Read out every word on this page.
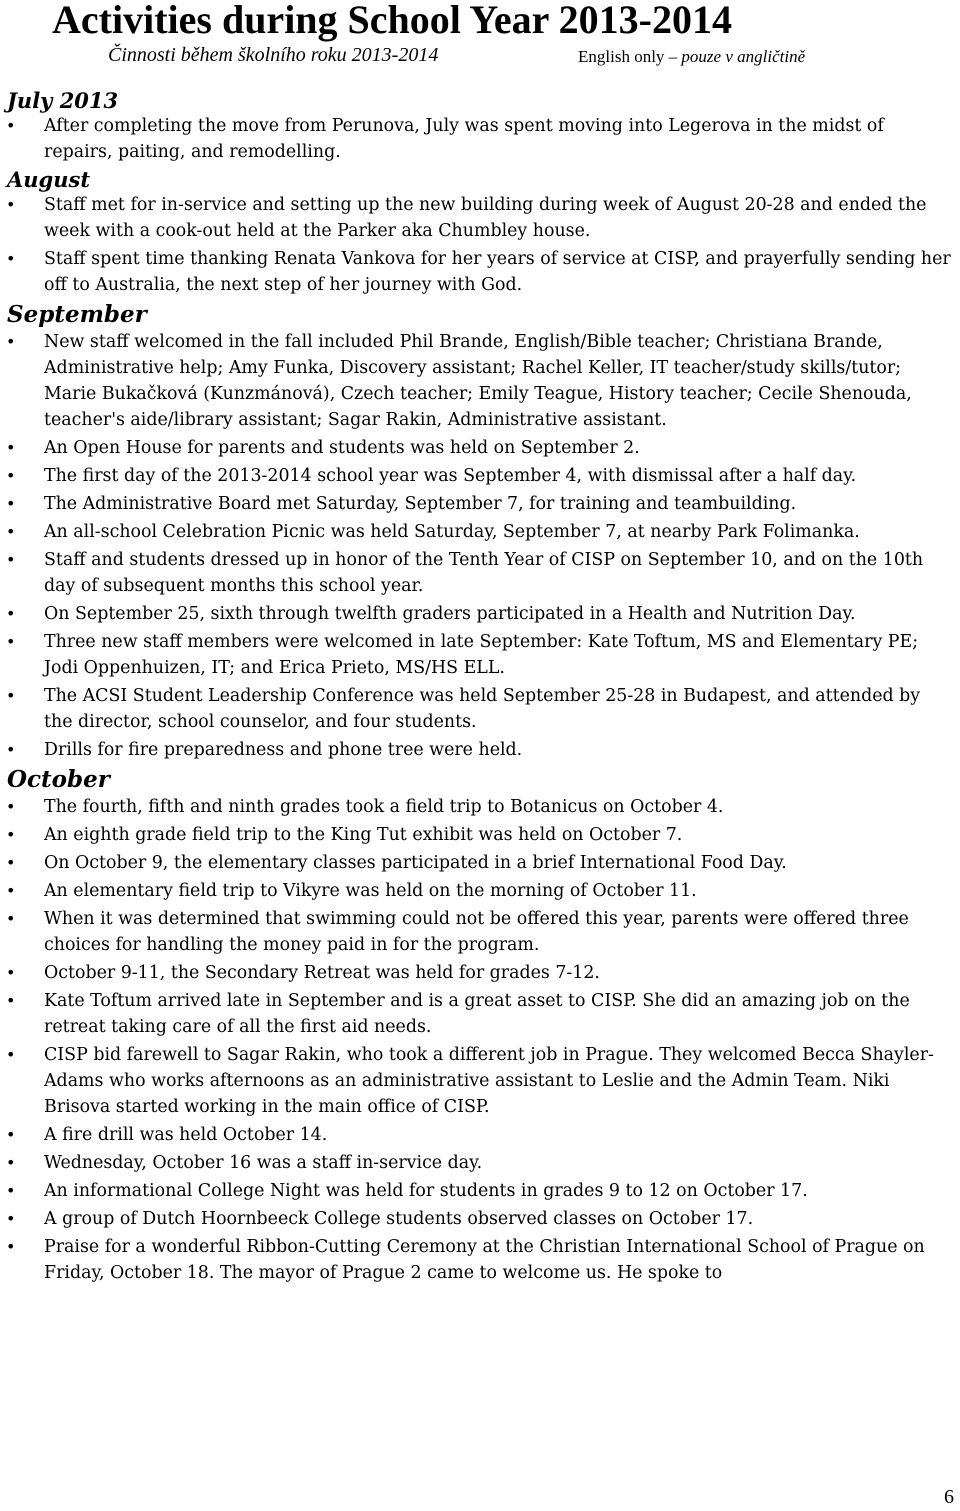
Activities during School Year 2013-2014
Činnosti během školního roku 2013-2014	English only – pouze v angličtině
July 2013
• After completing the move from Perunova, July was spent moving into Legerova in the midst of repairs, paiting, and remodelling.
August
• Staff met for in-service and setting up the new building during week of August 20-28 and ended the week with a cook-out held at the Parker aka Chumbley house.
• Staff spent time thanking Renata Vankova for her years of service at CISP, and prayerfully sending her off to Australia, the next step of her journey with God.
September
• New staff welcomed in the fall included Phil Brande, English/Bible teacher; Christiana Brande, Administrative help; Amy Funka, Discovery assistant; Rachel Keller, IT teacher/study skills/tutor; Marie Bukačková (Kunzmánová), Czech teacher; Emily Teague, History teacher; Cecile Shenouda, teacher's aide/library assistant; Sagar Rakin, Administrative assistant.
• An Open House for parents and students was held on September 2.
• The first day of the 2013-2014 school year was September 4, with dismissal after a half day.
• The Administrative Board met Saturday, September 7, for training and teambuilding.
• An all-school Celebration Picnic was held Saturday, September 7, at nearby Park Folimanka.
• Staff and students dressed up in honor of the Tenth Year of CISP on September 10, and on the 10th day of subsequent months this school year.
• On September 25, sixth through twelfth graders participated in a Health and Nutrition Day.
• Three new staff members were welcomed in late September: Kate Toftum, MS and Elementary PE; Jodi Oppenhuizen, IT; and Erica Prieto, MS/HS ELL.
• The ACSI Student Leadership Conference was held September 25-28 in Budapest, and attended by the director, school counselor, and four students.
• Drills for fire preparedness and phone tree were held.
October
• The fourth, fifth and ninth grades took a field trip to Botanicus on October 4.
• An eighth grade field trip to the King Tut exhibit was held on October 7.
• On October 9, the elementary classes participated in a brief International Food Day.
• An elementary field trip to Vikyre was held on the morning of October 11.
• When it was determined that swimming could not be offered this year, parents were offered three choices for handling the money paid in for the program.
• October 9-11, the Secondary Retreat was held for grades 7-12.
• Kate Toftum arrived late in September and is a great asset to CISP. She did an amazing job on the retreat taking care of all the first aid needs.
• CISP bid farewell to Sagar Rakin, who took a different job in Prague. They welcomed Becca Shayler-Adams who works afternoons as an administrative assistant to Leslie and the Admin Team. Niki Brisova started working in the main office of CISP.
• A fire drill was held October 14.
• Wednesday, October 16 was a staff in-service day.
• An informational College Night was held for students in grades 9 to 12 on October 17.
• A group of Dutch Hoornbeeck College students observed classes on October 17.
• Praise for a wonderful Ribbon-Cutting Ceremony at the Christian International School of Prague on Friday, October 18. The mayor of Prague 2 came to welcome us. He spoke to
6
